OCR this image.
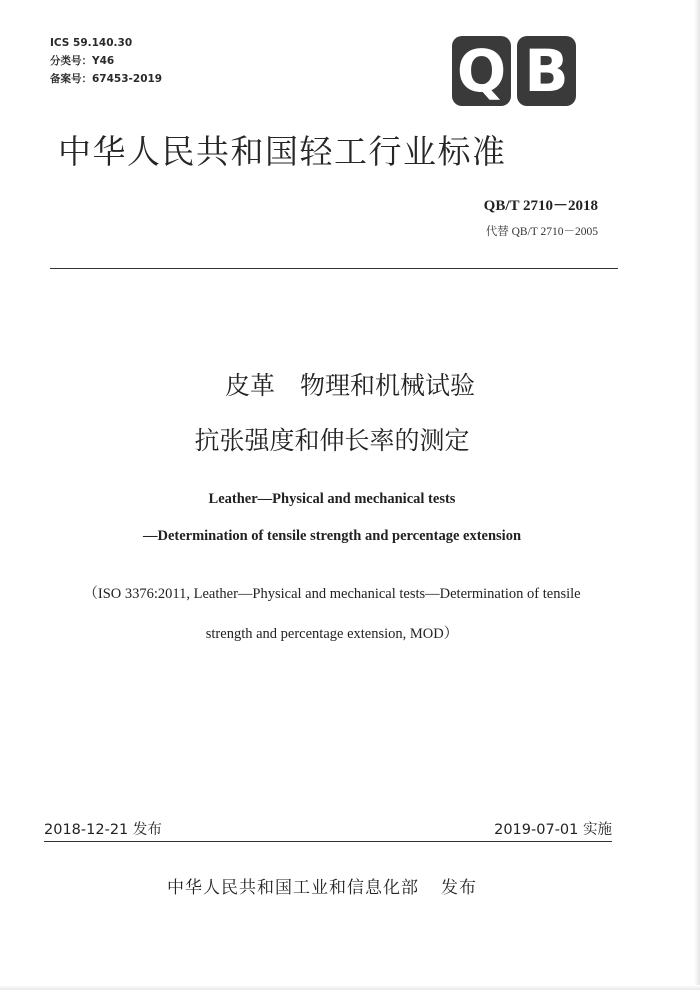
ICS 59.140.30
分类号：Y46
备案号：67453-2019	Q B
中华人民共和国轻工行业标准
QB/T 2710－2018
代替 QB/T 2710－2005
皮革　物理和机械试验
抗张强度和伸长率的测定
Leather—Physical and mechanical tests
—Determination of tensile strength and percentage extension
（ISO 3376:2011, Leather—Physical and mechanical tests—Determination of tensile
strength and percentage extension, MOD）
2018-12-21 发布	2019-07-01 实施
中华人民共和国工业和信息化部 发布
